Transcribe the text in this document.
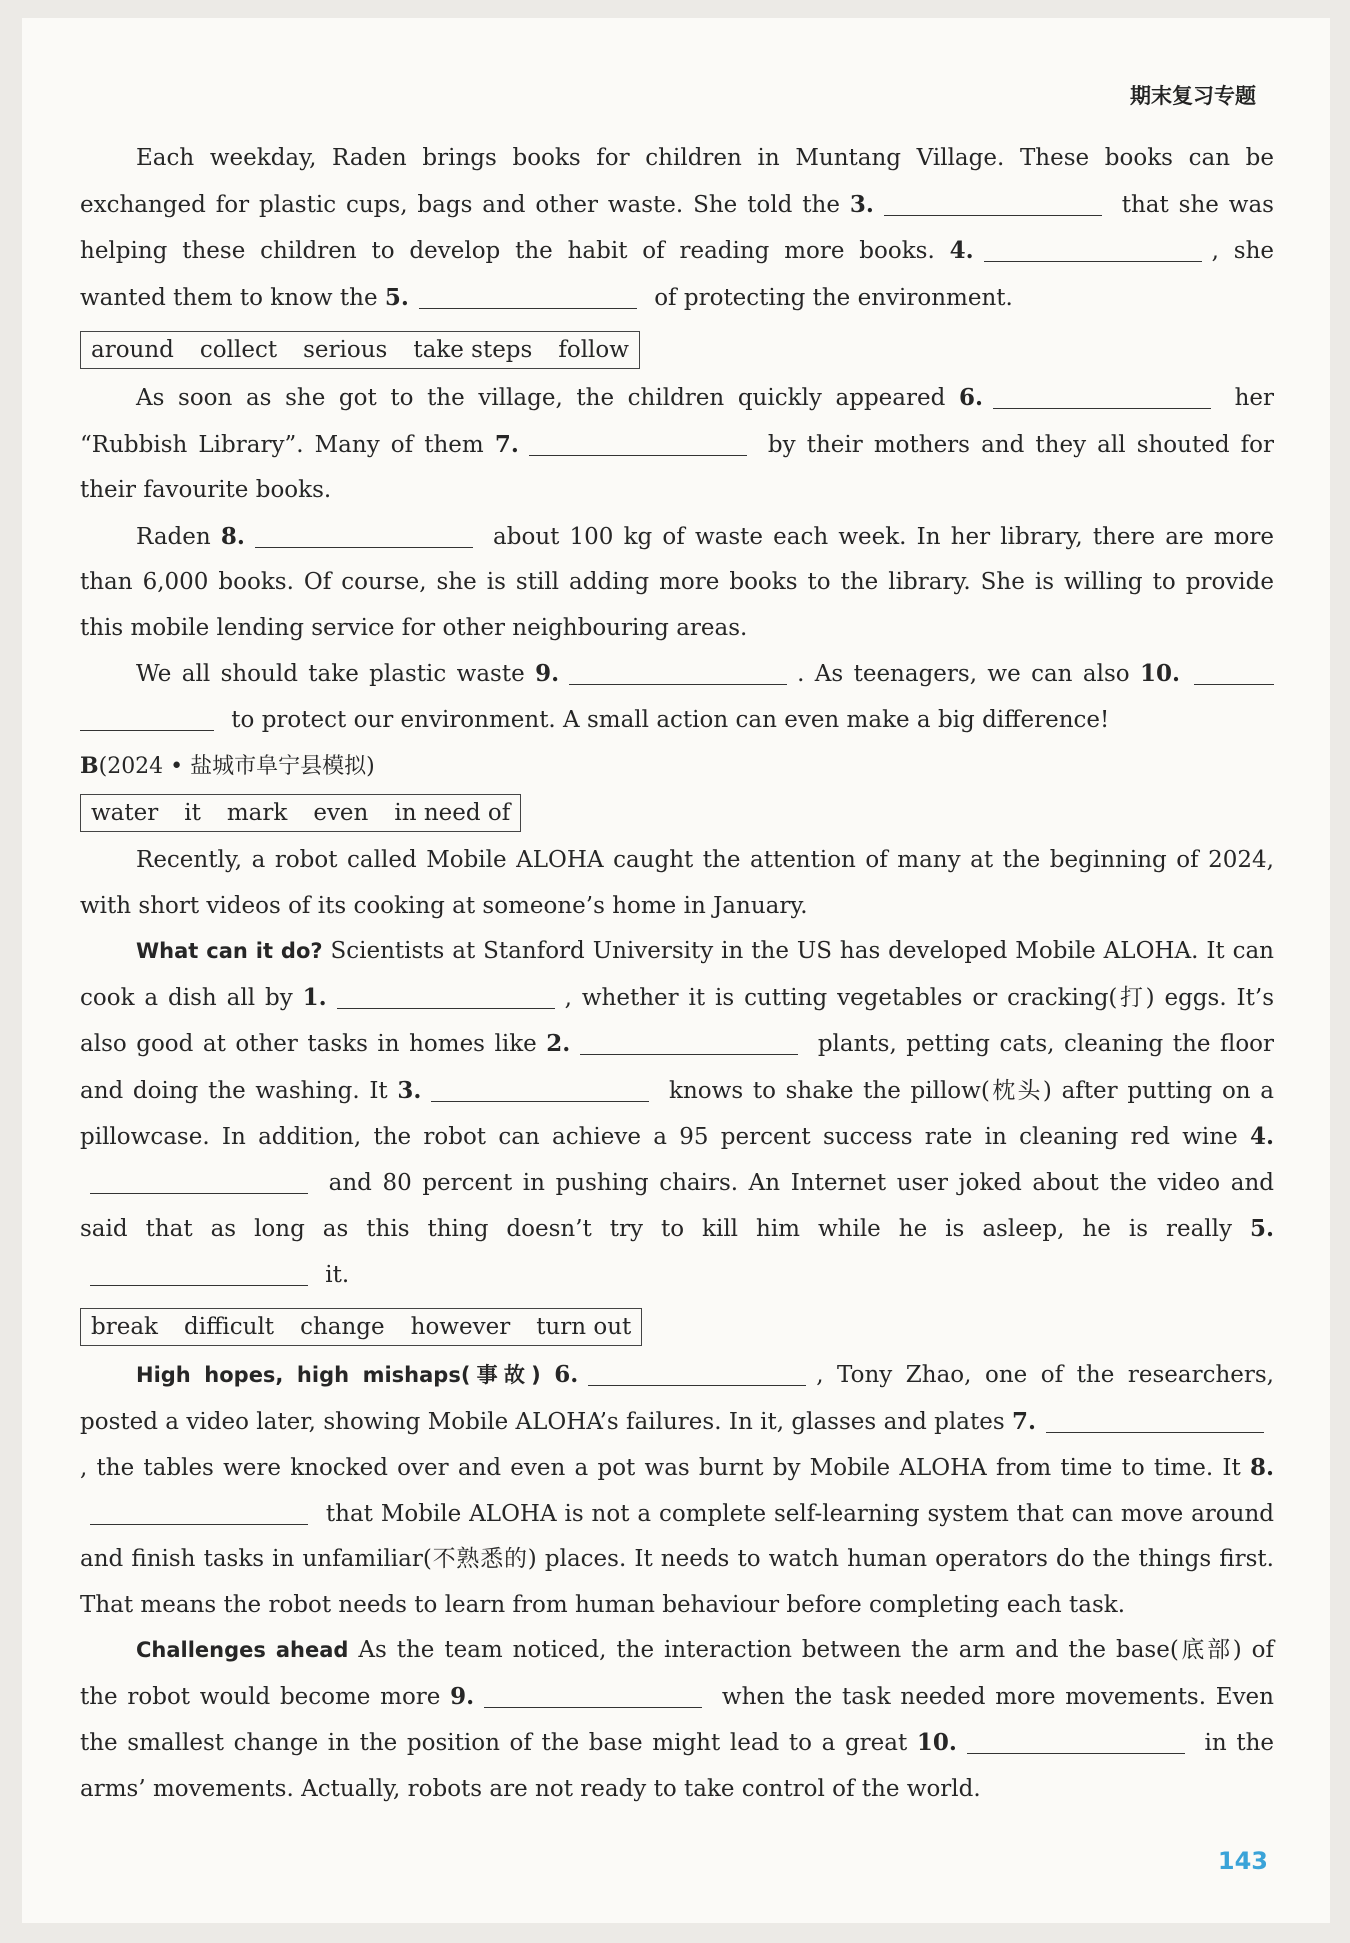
期末复习专题

Each weekday, Raden brings books for children in Muntang Village. These books can be exchanged for plastic cups, bags and other waste. She told the 3.	that she was helping these children to develop the habit of reading more books. 4.	, she wanted them to know the 5.	of protecting the environment.

around collect serious take steps follow

As soon as she got to the village, the children quickly appeared 6.	her “Rubbish Library”. Many of them 7.	by their mothers and they all shouted for their favourite books.

Raden 8.	about 100 kg of waste each week. In her library, there are more than 6,000 books. Of course, she is still adding more books to the library. She is willing to provide this mobile lending service for other neighbouring areas.

We all should take plastic waste 9.	. As teenagers, we can also 10.  to protect our environment. A small action can even make a big difference!

B(2024 • 盐城市阜宁县模拟)

water it mark even in need of

Recently, a robot called Mobile ALOHA caught the attention of many at the beginning of 2024, with short videos of its cooking at someone’s home in January.

What can it do? Scientists at Stanford University in the US has developed Mobile ALOHA. It can cook a dish all by 1.	, whether it is cutting vegetables or cracking(打) eggs. It’s also good at other tasks in homes like 2.	plants, petting cats, cleaning the floor and doing the washing. It 3.	knows to shake the pillow(枕头) after putting on a pillowcase. In addition, the robot can achieve a 95 percent success rate in cleaning red wine 4. and 80 percent in pushing chairs. An Internet user joked about the video and said that as long as this thing doesn’t try to kill him while he is asleep, he is really 5. it.

break difficult change however turn out

High hopes, high mishaps(事故) 6.	, Tony Zhao, one of the researchers, posted a video later, showing Mobile ALOHA’s failures. In it, glasses and plates 7., the tables were knocked over and even a pot was burnt by Mobile ALOHA from time to time. It 8. that Mobile ALOHA is not a complete self-learning system that can move around and finish tasks in unfamiliar(不熟悉的) places. It needs to watch human operators do the things first. That means the robot needs to learn from human behaviour before completing each task.

Challenges ahead As the team noticed, the interaction between the arm and the base(底部) of the robot would become more 9.	when the task needed more movements. Even the smallest change in the position of the base might lead to a great 10.	in the arms’ movements. Actually, robots are not ready to take control of the world.

143
